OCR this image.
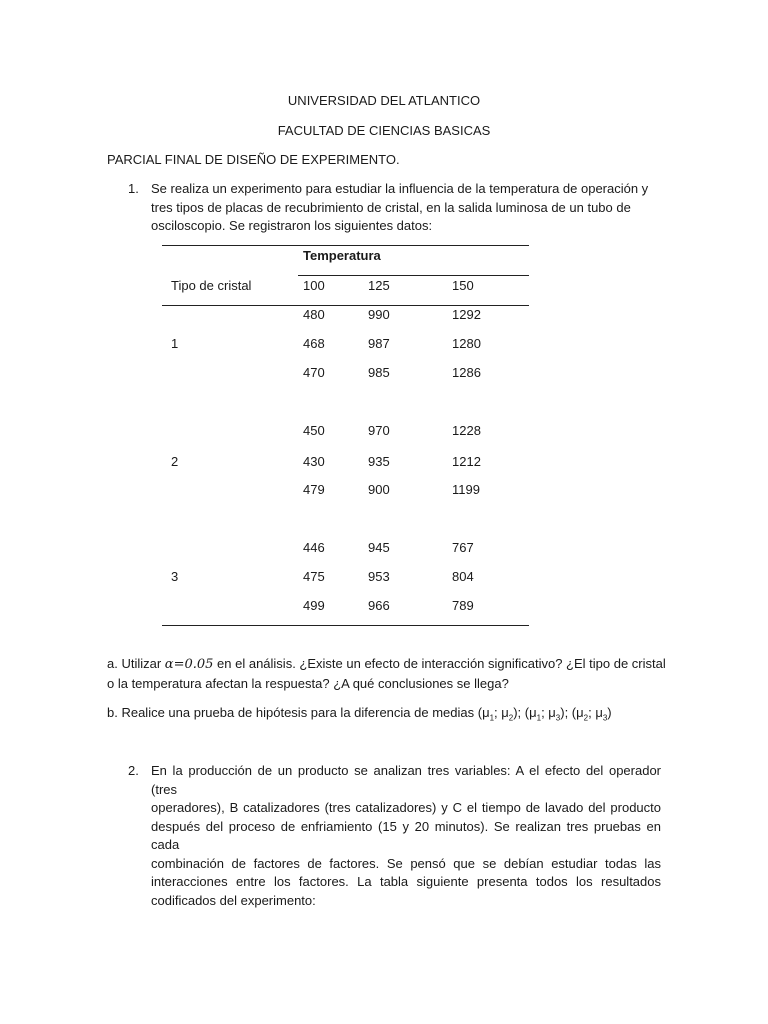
UNIVERSIDAD DEL ATLANTICO
FACULTAD DE CIENCIAS BASICAS
PARCIAL FINAL DE DISEÑO DE EXPERIMENTO.
1. Se realiza un experimento para estudiar la influencia de la temperatura de operación y
tres tipos de placas de recubrimiento de cristal, en la salida luminosa de un tubo de
osciloscopio. Se registraron los siguientes datos:
Temperatura
Tipo de cristal	100	125	150
1
480	990	1292
468	987	1280
470	985	1286
2
450	970	1228
430	935	1212
479	900	1199
3
446	945	767
475	953	804
499	966	789
a. Utilizar α=0.05 en el análisis. ¿Existe un efecto de interacción significativo? ¿El tipo de cristal
o la temperatura afectan la respuesta? ¿A qué conclusiones se llega?
b. Realice una prueba de hipótesis para la diferencia de medias ($\mu_1$; $\mu_2$); ($\mu_1$; $\mu_3$); ($\mu_2$; $\mu_3$)
2. En la producción de un producto se analizan tres variables: A el efecto del operador (tres
operadores), B catalizadores (tres catalizadores) y C el tiempo de lavado del producto
después del proceso de enfriamiento (15 y 20 minutos). Se realizan tres pruebas en cada
combinación de factores de factores. Se pensó que se debían estudiar todas las
interacciones entre los factores. La tabla siguiente presenta todos los resultados
codificados del experimento:
